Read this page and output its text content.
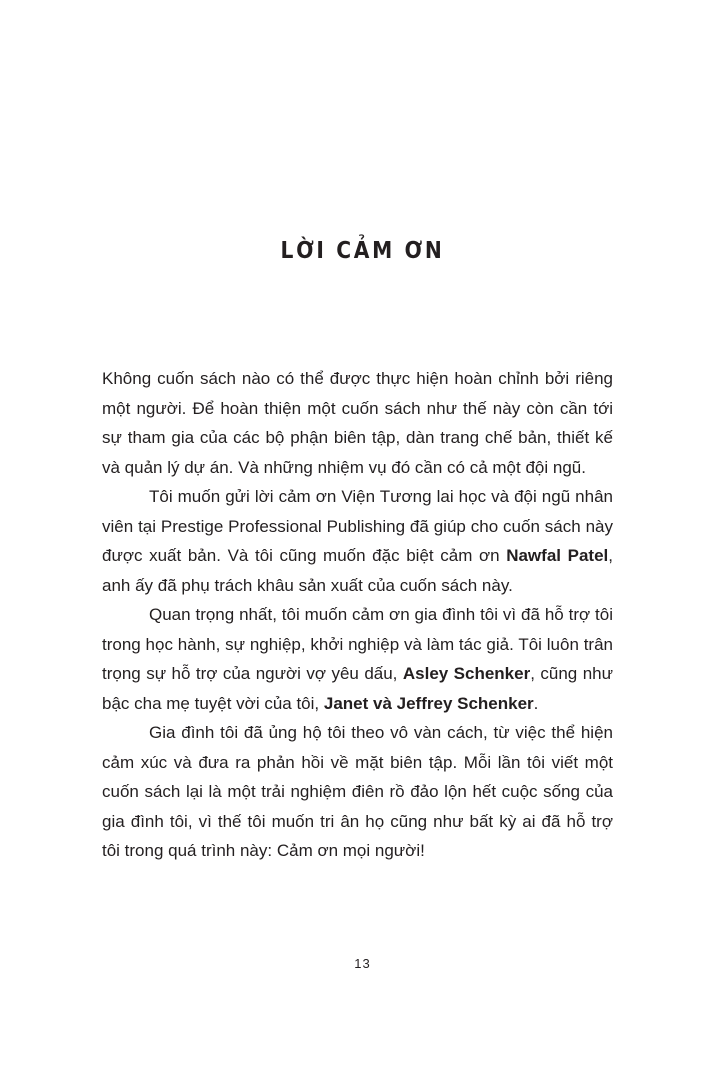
LỜI CẢM ƠN

Không cuốn sách nào có thể được thực hiện hoàn chỉnh bởi riêng một người. Để hoàn thiện một cuốn sách như thế này còn cần tới sự tham gia của các bộ phận biên tập, dàn trang chế bản, thiết kế và quản lý dự án. Và những nhiệm vụ đó cần có cả một đội ngũ.

Tôi muốn gửi lời cảm ơn Viện Tương lai học và đội ngũ nhân viên tại Prestige Professional Publishing đã giúp cho cuốn sách này được xuất bản. Và tôi cũng muốn đặc biệt cảm ơn Nawfal Patel, anh ấy đã phụ trách khâu sản xuất của cuốn sách này.

Quan trọng nhất, tôi muốn cảm ơn gia đình tôi vì đã hỗ trợ tôi trong học hành, sự nghiệp, khởi nghiệp và làm tác giả. Tôi luôn trân trọng sự hỗ trợ của người vợ yêu dấu, Asley Schenker, cũng như bậc cha mẹ tuyệt vời của tôi, Janet và Jeffrey Schenker.

Gia đình tôi đã ủng hộ tôi theo vô vàn cách, từ việc thể hiện cảm xúc và đưa ra phản hồi về mặt biên tập. Mỗi lần tôi viết một cuốn sách lại là một trải nghiệm điên rồ đảo lộn hết cuộc sống của gia đình tôi, vì thế tôi muốn tri ân họ cũng như bất kỳ ai đã hỗ trợ tôi trong quá trình này: Cảm ơn mọi người!

13
